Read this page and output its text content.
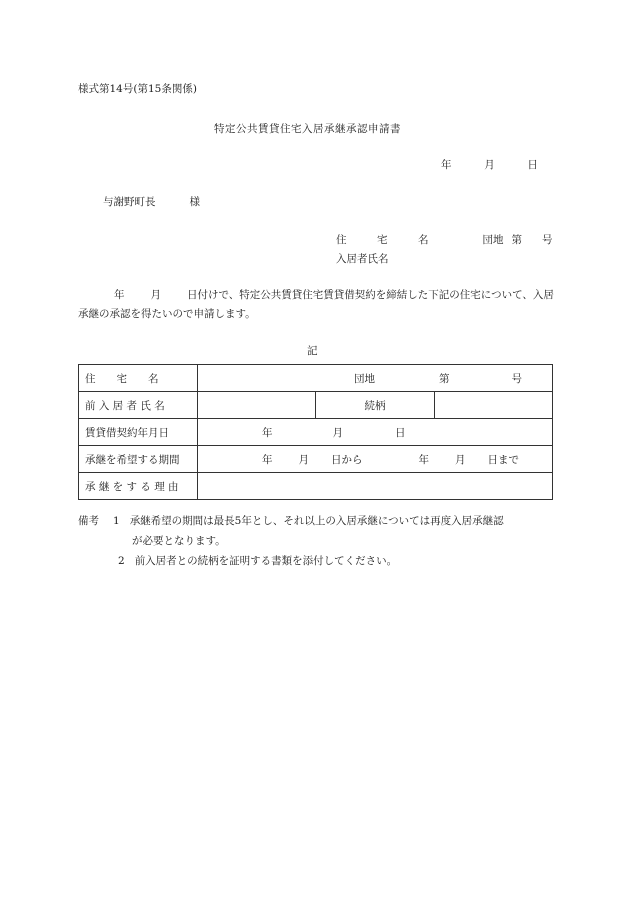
様式第14号(第15条関係)
特定公共賃貸住宅入居承継承認申請書
年	月	日
与謝野町長	様
住　宅　名	団地 第 号
入居者氏名
年 月 日付けで、特定公共賃貸住宅賃貸借契約を締結した下記の住宅について、入居承継の承認を得たいので申請します。
記
住　　宅　　名	団地 第 号		

前 入 居 者 氏 名		続柄	
賃貸借契約年月日	年 月 日		

承継を希望する期間	年 月 日から 年 月 日まで		

承 継 を す る 理 由			
備考 1 承継希望の期間は最長5年とし、それ以上の入居承継については再度入居承継認
が必要となります。
2 前入居者との続柄を証明する書類を添付してください。
